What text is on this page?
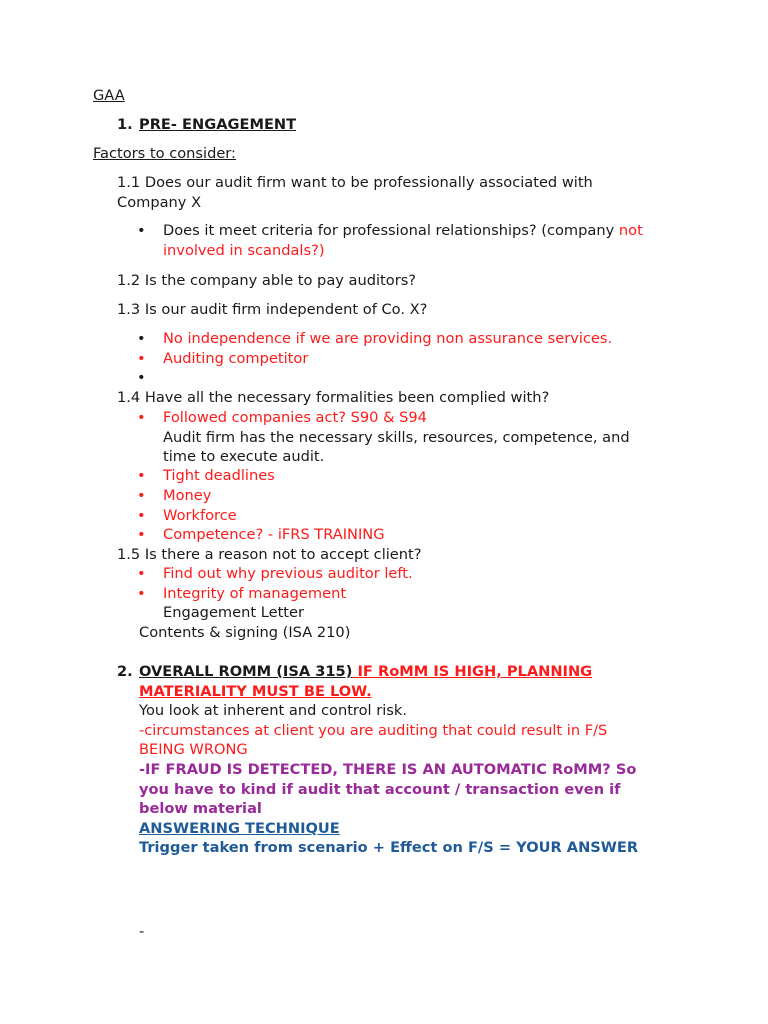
GAA
1. PRE- ENGAGEMENT
Factors to consider:
1.1 Does our audit firm want to be professionally associated with
Company X
• Does it meet criteria for professional relationships? (company not
involved in scandals?)
1.2 Is the company able to pay auditors?
1.3 Is our audit firm independent of Co. X?
• No independence if we are providing non assurance services.
• Auditing competitor
•
1.4 Have all the necessary formalities been complied with?
• Followed companies act? S90 & S94
Audit firm has the necessary skills, resources, competence, and
time to execute audit.
• Tight deadlines
• Money
• Workforce
• Competence? - iFRS TRAINING
1.5 Is there a reason not to accept client?
• Find out why previous auditor left.
• Integrity of management
Engagement Letter
Contents & signing (ISA 210)
2. OVERALL ROMM (ISA 315) IF RoMM IS HIGH, PLANNING
MATERIALITY MUST BE LOW.
You look at inherent and control risk.
-circumstances at client you are auditing that could result in F/S
BEING WRONG
-IF FRAUD IS DETECTED, THERE IS AN AUTOMATIC RoMM? So
you have to kind if audit that account / transaction even if
below material
ANSWERING TECHNIQUE
Trigger taken from scenario + Effect on F/S = YOUR ANSWER
-
